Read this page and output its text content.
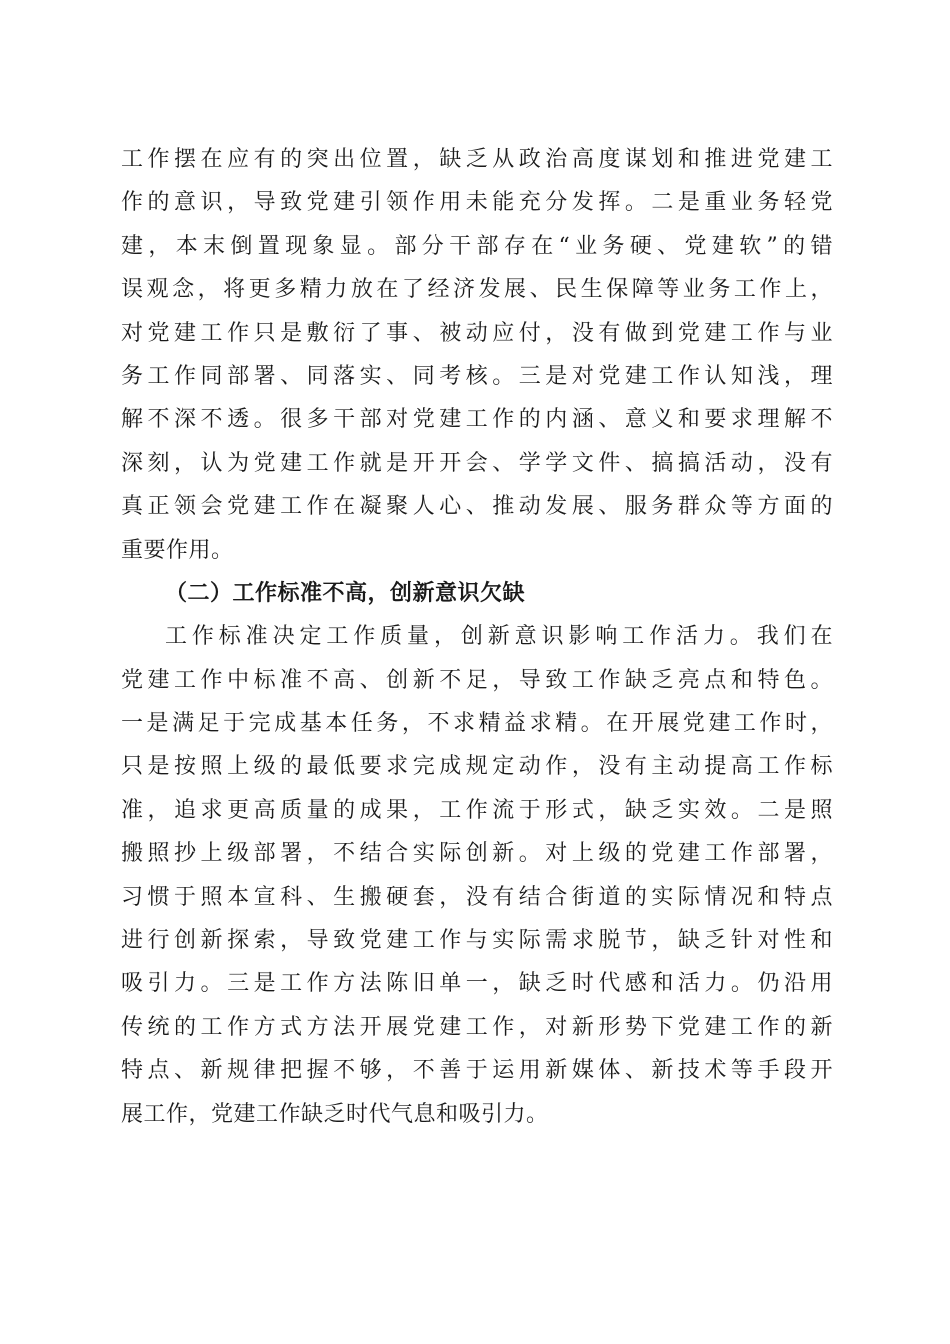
工作摆在应有的突出位置，缺乏从政治高度谋划和推进党建工
作的意识，导致党建引领作用未能充分发挥。二是重业务轻党
建，本末倒置现象显。部分干部存在“业务硬、党建软”的错
误观念，将更多精力放在了经济发展、民生保障等业务工作上，
对党建工作只是敷衍了事、被动应付，没有做到党建工作与业
务工作同部署、同落实、同考核。三是对党建工作认知浅，理
解不深不透。很多干部对党建工作的内涵、意义和要求理解不
深刻，认为党建工作就是开开会、学学文件、搞搞活动，没有
真正领会党建工作在凝聚人心、推动发展、服务群众等方面的
重要作用。
（二）工作标准不高，创新意识欠缺
工作标准决定工作质量，创新意识影响工作活力。我们在
党建工作中标准不高、创新不足，导致工作缺乏亮点和特色。
一是满足于完成基本任务，不求精益求精。在开展党建工作时，
只是按照上级的最低要求完成规定动作，没有主动提高工作标
准，追求更高质量的成果，工作流于形式，缺乏实效。二是照
搬照抄上级部署，不结合实际创新。对上级的党建工作部署，
习惯于照本宣科、生搬硬套，没有结合街道的实际情况和特点
进行创新探索，导致党建工作与实际需求脱节，缺乏针对性和
吸引力。三是工作方法陈旧单一，缺乏时代感和活力。仍沿用
传统的工作方式方法开展党建工作，对新形势下党建工作的新
特点、新规律把握不够，不善于运用新媒体、新技术等手段开
展工作，党建工作缺乏时代气息和吸引力。
